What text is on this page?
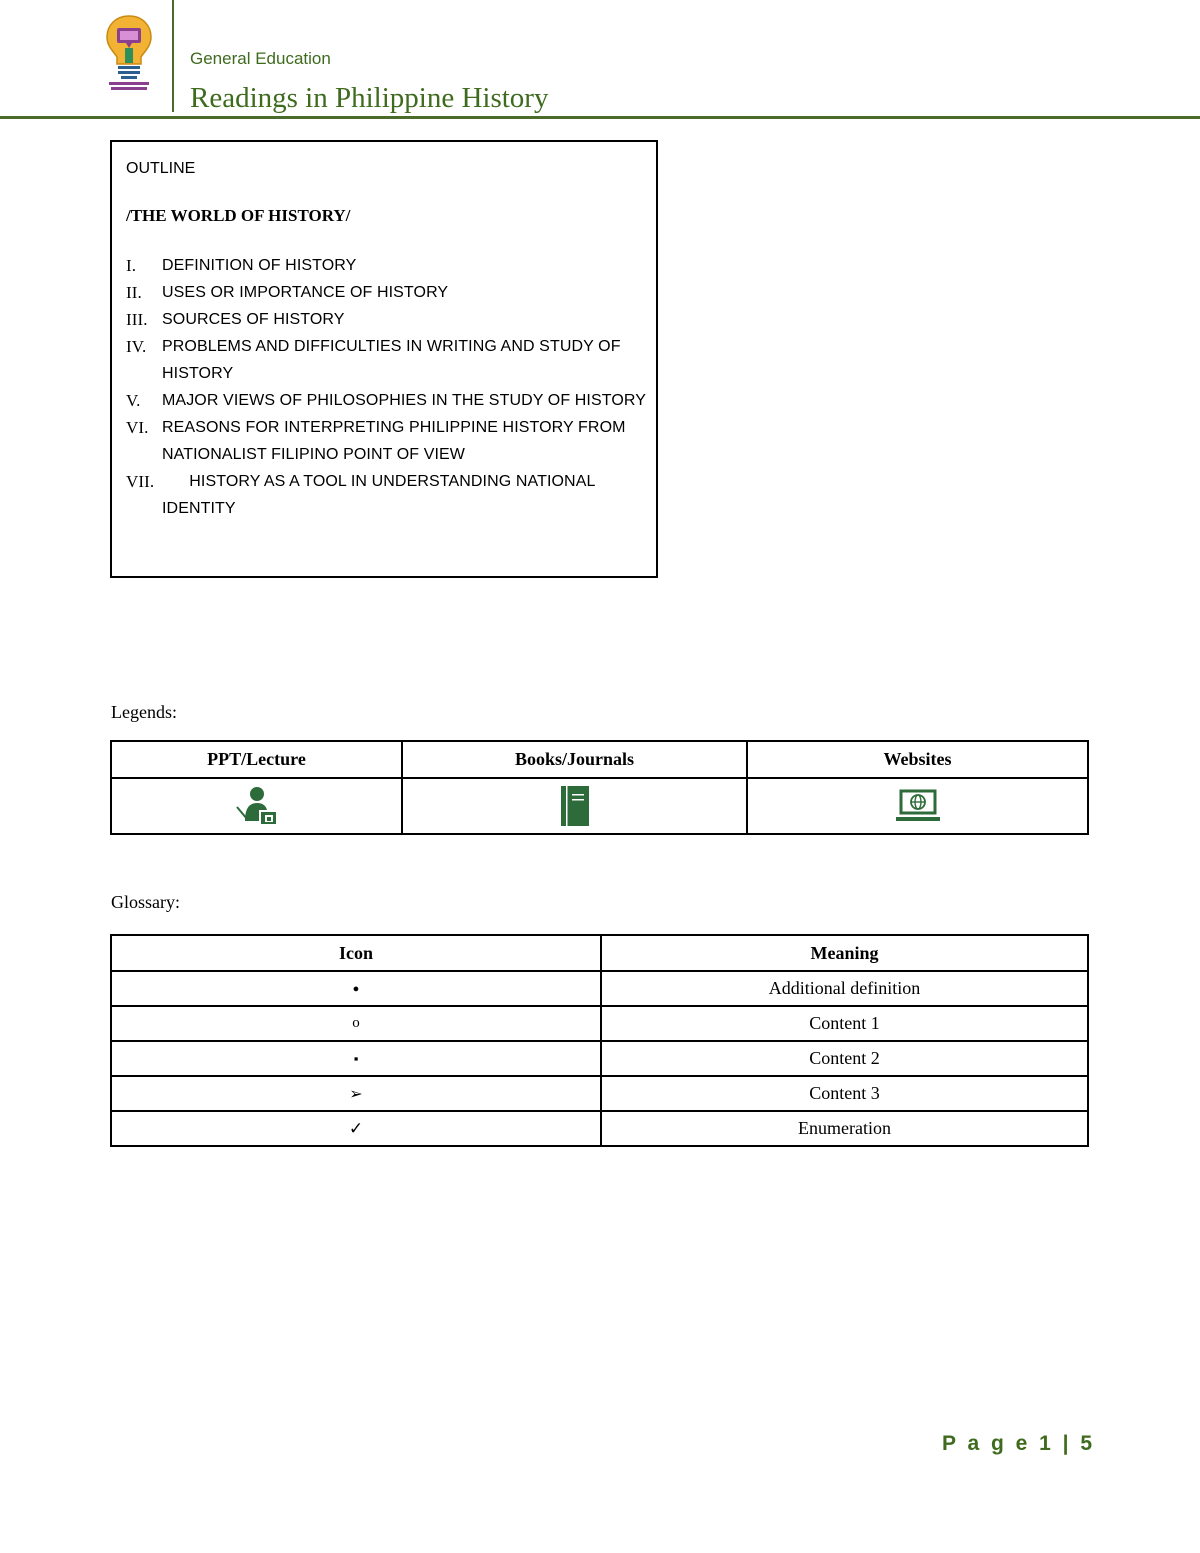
General Education
Readings in Philippine History
OUTLINE
/THE WORLD OF HISTORY/
I. DEFINITION OF HISTORY
II. USES OR IMPORTANCE OF HISTORY
III. SOURCES OF HISTORY
IV. PROBLEMS AND DIFFICULTIES IN WRITING AND STUDY OF HISTORY
V. MAJOR VIEWS OF PHILOSOPHIES IN THE STUDY OF HISTORY
VI. REASONS FOR INTERPRETING PHILIPPINE HISTORY FROM NATIONALIST FILIPINO POINT OF VIEW
VII. HISTORY AS A TOOL IN UNDERSTANDING NATIONAL IDENTITY
Legends:
PPT/Lecture	Books/Journals	Websites

Glossary:
Icon	Meaning
●	Additional definition
o	Content 1
▪	Content 2
➢	Content 3
✓	Enumeration
P a g e 1 | 5
